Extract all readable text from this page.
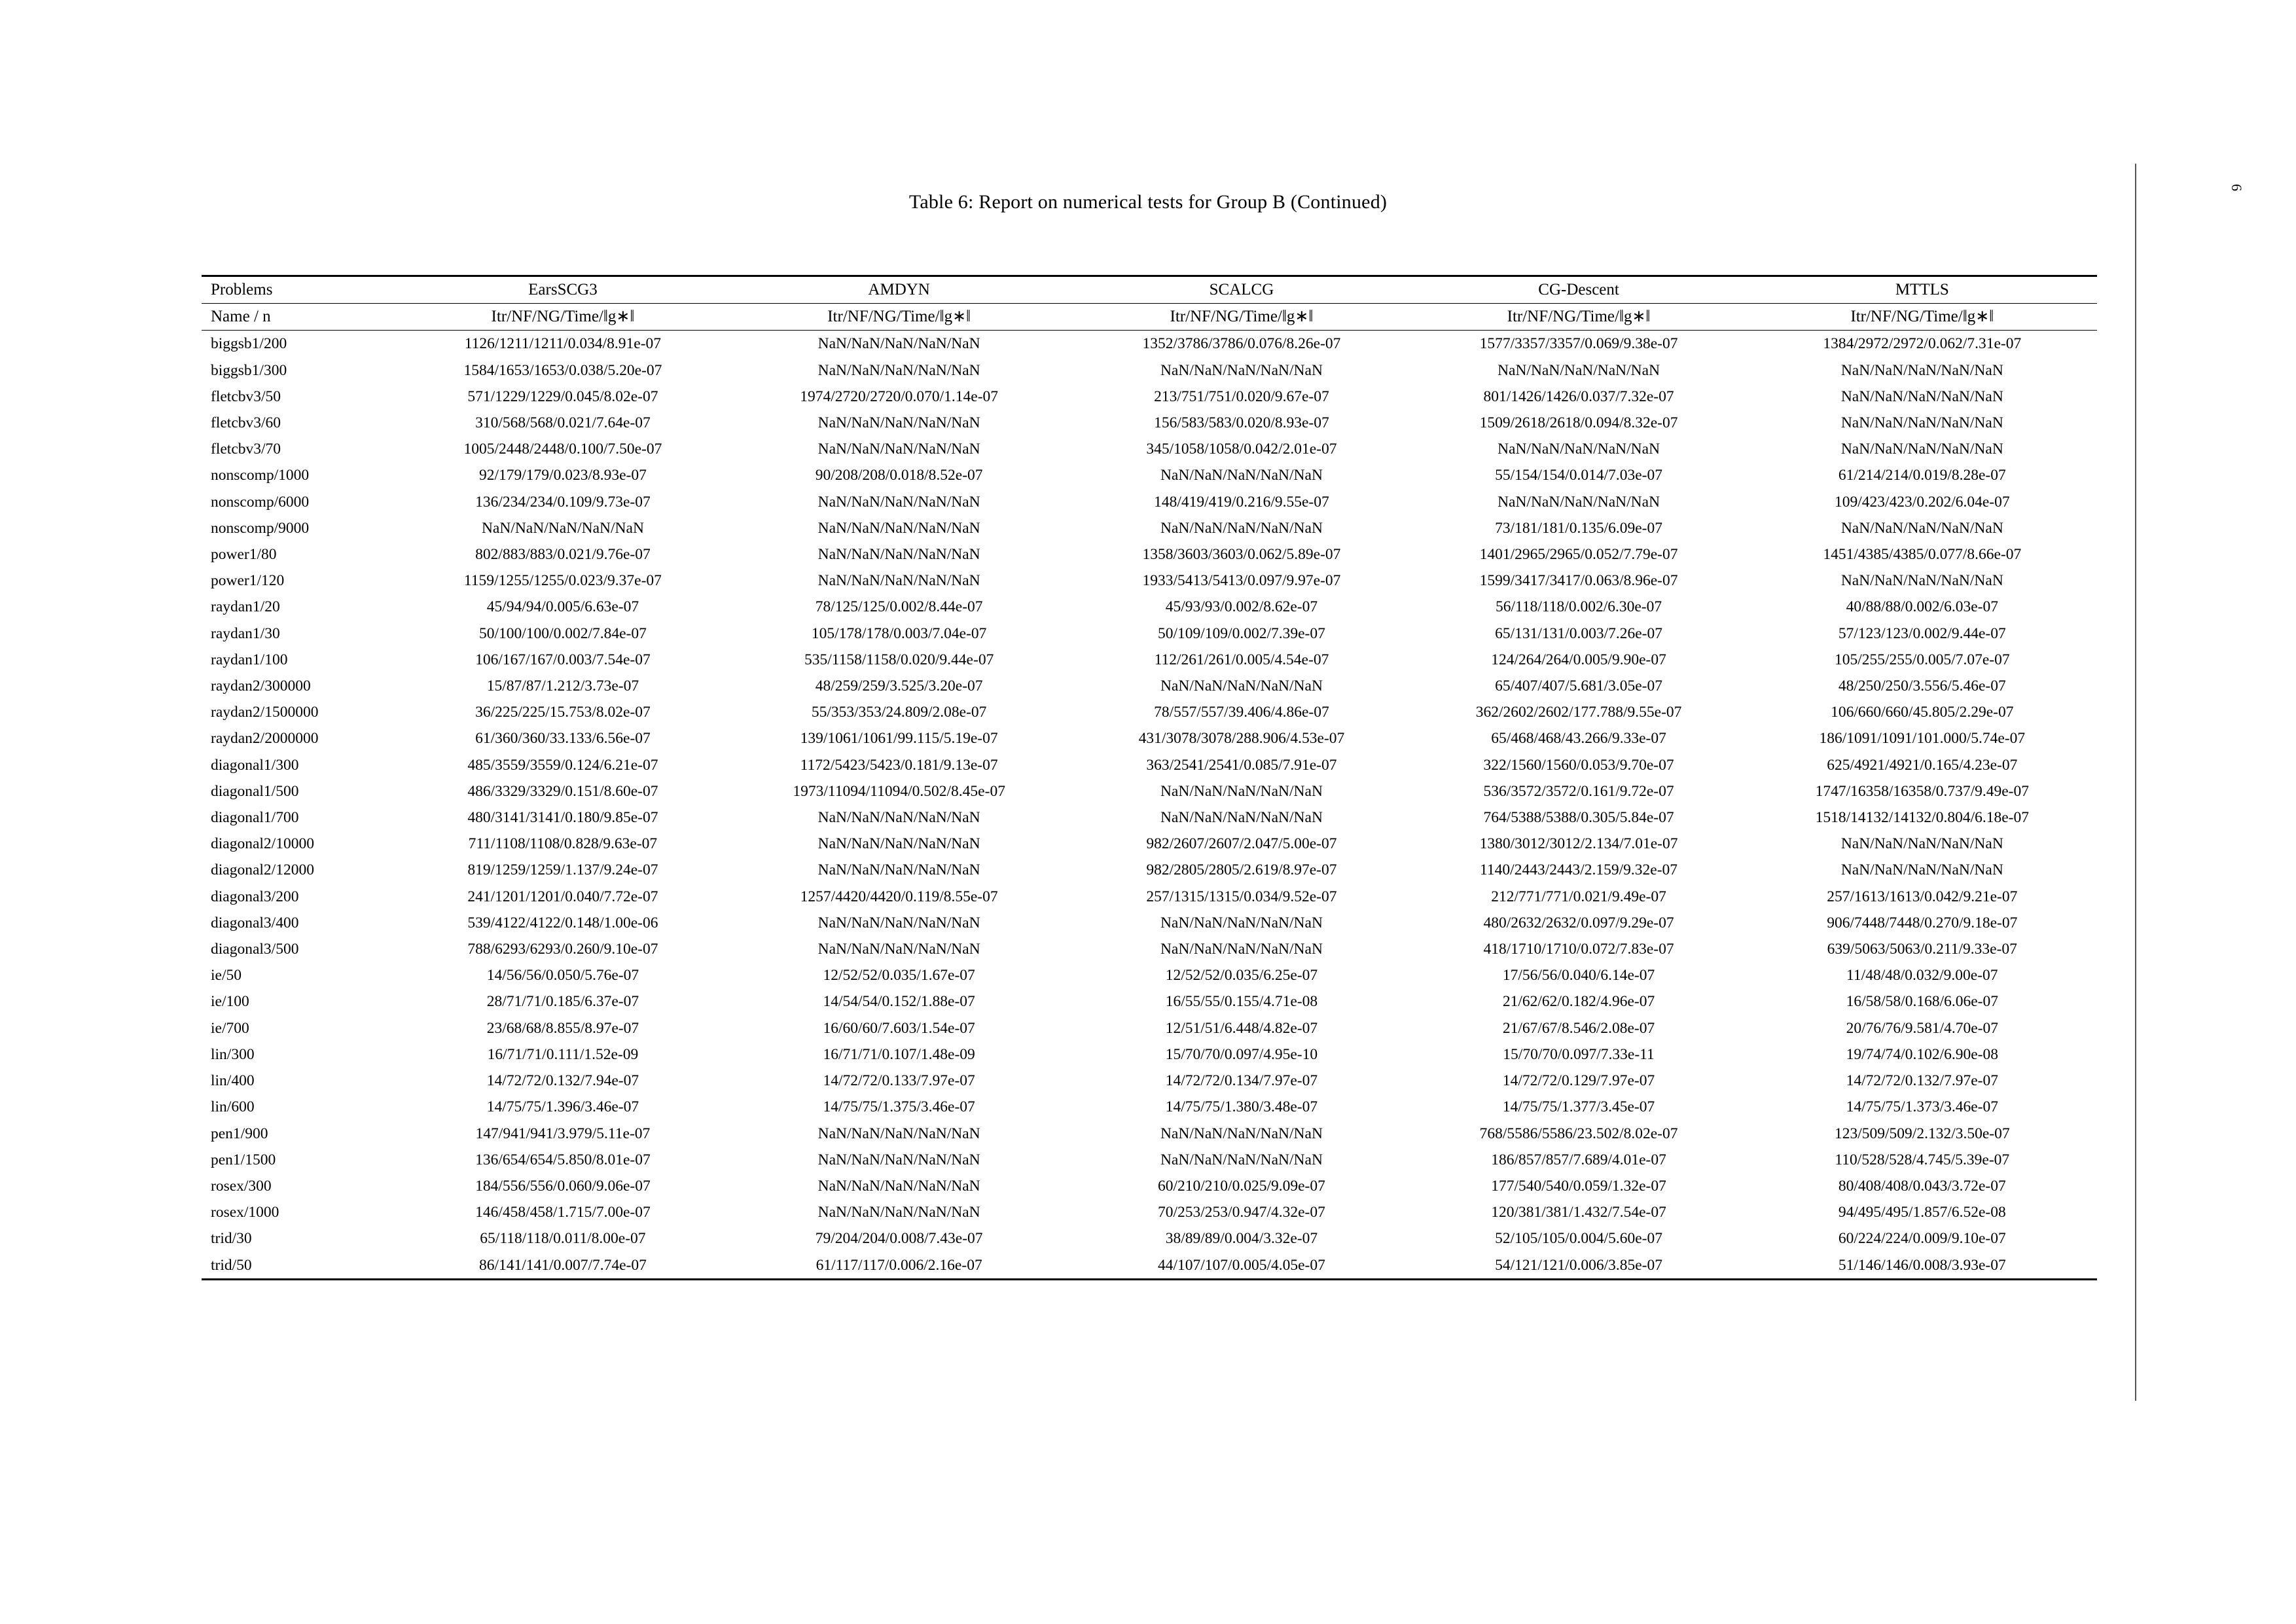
Table 6: Report on numerical tests for Group B (Continued)
6
Problems	EarsSCG3	AMDYN	SCALCG	CG-Descent	MTTLS
Name / n	Itr/NF/NG/Time/‖g∗‖	Itr/NF/NG/Time/‖g∗‖	Itr/NF/NG/Time/‖g∗‖	Itr/NF/NG/Time/‖g∗‖	Itr/NF/NG/Time/‖g∗‖
biggsb1/200	1126/1211/1211/0.034/8.91e-07	NaN/NaN/NaN/NaN/NaN	1352/3786/3786/0.076/8.26e-07	1577/3357/3357/0.069/9.38e-07	1384/2972/2972/0.062/7.31e-07
biggsb1/300	1584/1653/1653/0.038/5.20e-07	NaN/NaN/NaN/NaN/NaN	NaN/NaN/NaN/NaN/NaN	NaN/NaN/NaN/NaN/NaN	NaN/NaN/NaN/NaN/NaN
fletcbv3/50	571/1229/1229/0.045/8.02e-07	1974/2720/2720/0.070/1.14e-07	213/751/751/0.020/9.67e-07	801/1426/1426/0.037/7.32e-07	NaN/NaN/NaN/NaN/NaN
fletcbv3/60	310/568/568/0.021/7.64e-07	NaN/NaN/NaN/NaN/NaN	156/583/583/0.020/8.93e-07	1509/2618/2618/0.094/8.32e-07	NaN/NaN/NaN/NaN/NaN
fletcbv3/70	1005/2448/2448/0.100/7.50e-07	NaN/NaN/NaN/NaN/NaN	345/1058/1058/0.042/2.01e-07	NaN/NaN/NaN/NaN/NaN	NaN/NaN/NaN/NaN/NaN
nonscomp/1000	92/179/179/0.023/8.93e-07	90/208/208/0.018/8.52e-07	NaN/NaN/NaN/NaN/NaN	55/154/154/0.014/7.03e-07	61/214/214/0.019/8.28e-07
nonscomp/6000	136/234/234/0.109/9.73e-07	NaN/NaN/NaN/NaN/NaN	148/419/419/0.216/9.55e-07	NaN/NaN/NaN/NaN/NaN	109/423/423/0.202/6.04e-07
nonscomp/9000	NaN/NaN/NaN/NaN/NaN	NaN/NaN/NaN/NaN/NaN	NaN/NaN/NaN/NaN/NaN	73/181/181/0.135/6.09e-07	NaN/NaN/NaN/NaN/NaN
power1/80	802/883/883/0.021/9.76e-07	NaN/NaN/NaN/NaN/NaN	1358/3603/3603/0.062/5.89e-07	1401/2965/2965/0.052/7.79e-07	1451/4385/4385/0.077/8.66e-07
power1/120	1159/1255/1255/0.023/9.37e-07	NaN/NaN/NaN/NaN/NaN	1933/5413/5413/0.097/9.97e-07	1599/3417/3417/0.063/8.96e-07	NaN/NaN/NaN/NaN/NaN
raydan1/20	45/94/94/0.005/6.63e-07	78/125/125/0.002/8.44e-07	45/93/93/0.002/8.62e-07	56/118/118/0.002/6.30e-07	40/88/88/0.002/6.03e-07
raydan1/30	50/100/100/0.002/7.84e-07	105/178/178/0.003/7.04e-07	50/109/109/0.002/7.39e-07	65/131/131/0.003/7.26e-07	57/123/123/0.002/9.44e-07
raydan1/100	106/167/167/0.003/7.54e-07	535/1158/1158/0.020/9.44e-07	112/261/261/0.005/4.54e-07	124/264/264/0.005/9.90e-07	105/255/255/0.005/7.07e-07
raydan2/300000	15/87/87/1.212/3.73e-07	48/259/259/3.525/3.20e-07	NaN/NaN/NaN/NaN/NaN	65/407/407/5.681/3.05e-07	48/250/250/3.556/5.46e-07
raydan2/1500000	36/225/225/15.753/8.02e-07	55/353/353/24.809/2.08e-07	78/557/557/39.406/4.86e-07	362/2602/2602/177.788/9.55e-07	106/660/660/45.805/2.29e-07
raydan2/2000000	61/360/360/33.133/6.56e-07	139/1061/1061/99.115/5.19e-07	431/3078/3078/288.906/4.53e-07	65/468/468/43.266/9.33e-07	186/1091/1091/101.000/5.74e-07
diagonal1/300	485/3559/3559/0.124/6.21e-07	1172/5423/5423/0.181/9.13e-07	363/2541/2541/0.085/7.91e-07	322/1560/1560/0.053/9.70e-07	625/4921/4921/0.165/4.23e-07
diagonal1/500	486/3329/3329/0.151/8.60e-07	1973/11094/11094/0.502/8.45e-07	NaN/NaN/NaN/NaN/NaN	536/3572/3572/0.161/9.72e-07	1747/16358/16358/0.737/9.49e-07
diagonal1/700	480/3141/3141/0.180/9.85e-07	NaN/NaN/NaN/NaN/NaN	NaN/NaN/NaN/NaN/NaN	764/5388/5388/0.305/5.84e-07	1518/14132/14132/0.804/6.18e-07
diagonal2/10000	711/1108/1108/0.828/9.63e-07	NaN/NaN/NaN/NaN/NaN	982/2607/2607/2.047/5.00e-07	1380/3012/3012/2.134/7.01e-07	NaN/NaN/NaN/NaN/NaN
diagonal2/12000	819/1259/1259/1.137/9.24e-07	NaN/NaN/NaN/NaN/NaN	982/2805/2805/2.619/8.97e-07	1140/2443/2443/2.159/9.32e-07	NaN/NaN/NaN/NaN/NaN
diagonal3/200	241/1201/1201/0.040/7.72e-07	1257/4420/4420/0.119/8.55e-07	257/1315/1315/0.034/9.52e-07	212/771/771/0.021/9.49e-07	257/1613/1613/0.042/9.21e-07
diagonal3/400	539/4122/4122/0.148/1.00e-06	NaN/NaN/NaN/NaN/NaN	NaN/NaN/NaN/NaN/NaN	480/2632/2632/0.097/9.29e-07	906/7448/7448/0.270/9.18e-07
diagonal3/500	788/6293/6293/0.260/9.10e-07	NaN/NaN/NaN/NaN/NaN	NaN/NaN/NaN/NaN/NaN	418/1710/1710/0.072/7.83e-07	639/5063/5063/0.211/9.33e-07
ie/50	14/56/56/0.050/5.76e-07	12/52/52/0.035/1.67e-07	12/52/52/0.035/6.25e-07	17/56/56/0.040/6.14e-07	11/48/48/0.032/9.00e-07
ie/100	28/71/71/0.185/6.37e-07	14/54/54/0.152/1.88e-07	16/55/55/0.155/4.71e-08	21/62/62/0.182/4.96e-07	16/58/58/0.168/6.06e-07
ie/700	23/68/68/8.855/8.97e-07	16/60/60/7.603/1.54e-07	12/51/51/6.448/4.82e-07	21/67/67/8.546/2.08e-07	20/76/76/9.581/4.70e-07
lin/300	16/71/71/0.111/1.52e-09	16/71/71/0.107/1.48e-09	15/70/70/0.097/4.95e-10	15/70/70/0.097/7.33e-11	19/74/74/0.102/6.90e-08
lin/400	14/72/72/0.132/7.94e-07	14/72/72/0.133/7.97e-07	14/72/72/0.134/7.97e-07	14/72/72/0.129/7.97e-07	14/72/72/0.132/7.97e-07
lin/600	14/75/75/1.396/3.46e-07	14/75/75/1.375/3.46e-07	14/75/75/1.380/3.48e-07	14/75/75/1.377/3.45e-07	14/75/75/1.373/3.46e-07
pen1/900	147/941/941/3.979/5.11e-07	NaN/NaN/NaN/NaN/NaN	NaN/NaN/NaN/NaN/NaN	768/5586/5586/23.502/8.02e-07	123/509/509/2.132/3.50e-07
pen1/1500	136/654/654/5.850/8.01e-07	NaN/NaN/NaN/NaN/NaN	NaN/NaN/NaN/NaN/NaN	186/857/857/7.689/4.01e-07	110/528/528/4.745/5.39e-07
rosex/300	184/556/556/0.060/9.06e-07	NaN/NaN/NaN/NaN/NaN	60/210/210/0.025/9.09e-07	177/540/540/0.059/1.32e-07	80/408/408/0.043/3.72e-07
rosex/1000	146/458/458/1.715/7.00e-07	NaN/NaN/NaN/NaN/NaN	70/253/253/0.947/4.32e-07	120/381/381/1.432/7.54e-07	94/495/495/1.857/6.52e-08
trid/30	65/118/118/0.011/8.00e-07	79/204/204/0.008/7.43e-07	38/89/89/0.004/3.32e-07	52/105/105/0.004/5.60e-07	60/224/224/0.009/9.10e-07
trid/50	86/141/141/0.007/7.74e-07	61/117/117/0.006/2.16e-07	44/107/107/0.005/4.05e-07	54/121/121/0.006/3.85e-07	51/146/146/0.008/3.93e-07
